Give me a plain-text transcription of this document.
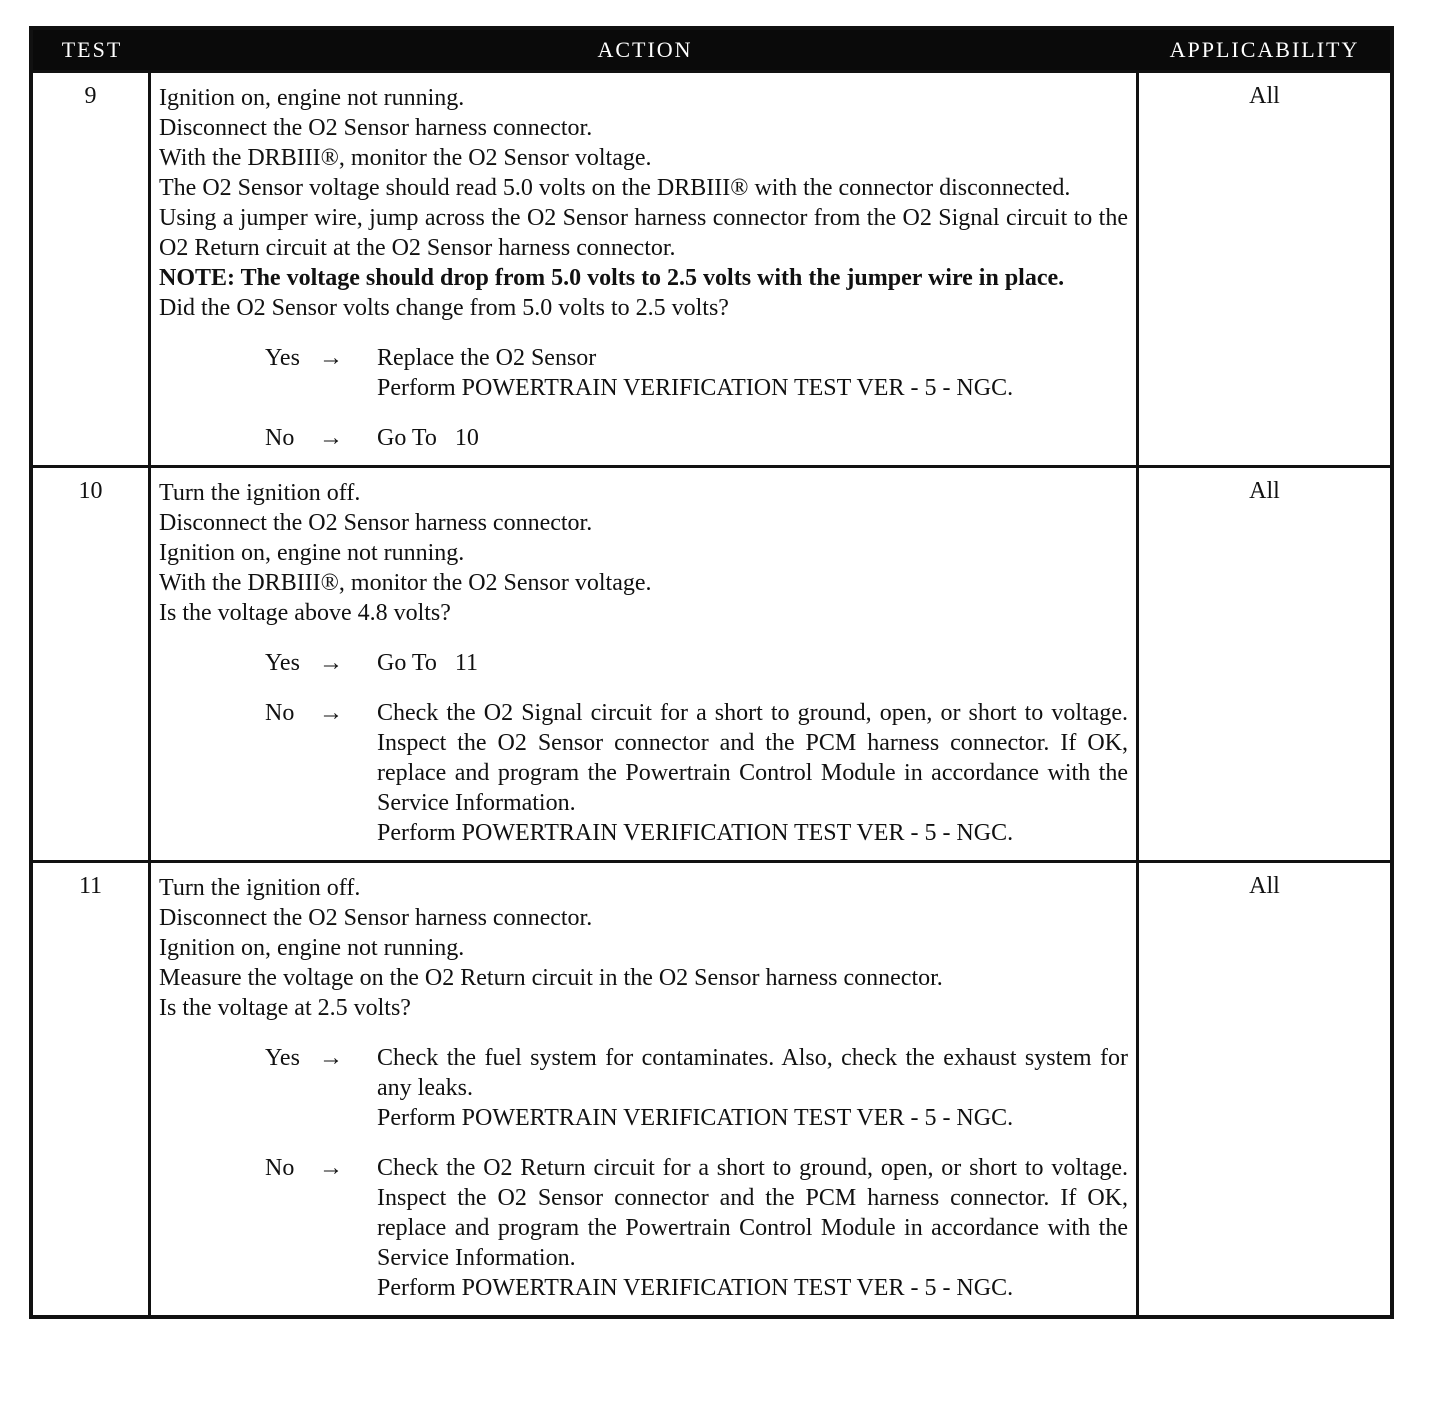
TEST	ACTION	APPLICABILITY
9	Ignition on, engine not running.
Disconnect the O2 Sensor harness connector.
With the DRBIII®, monitor the O2 Sensor voltage.
The O2 Sensor voltage should read 5.0 volts on the DRBIII® with the connector disconnected.
Using a jumper wire, jump across the O2 Sensor harness connector from the O2 Signal circuit to the O2 Return circuit at the O2 Sensor harness connector.
NOTE: The voltage should drop from 5.0 volts to 2.5 volts with the jumper wire in place.
Did the O2 Sensor volts change from 5.0 volts to 2.5 volts?
Yes →	Replace the O2 Sensor
Perform POWERTRAIN VERIFICATION TEST VER - 5 - NGC.
No	→	Go To   10
All
10	Turn the ignition off.
Disconnect the O2 Sensor harness connector.
Ignition on, engine not running.
With the DRBIII®, monitor the O2 Sensor voltage.
Is the voltage above 4.8 volts?
Yes →	Go To   11
No	→	Check the O2 Signal circuit for a short to ground, open, or short to voltage. Inspect the O2 Sensor connector and the PCM harness connector. If OK, replace and program the Powertrain Control Module in accordance with the Service Information.
Perform POWERTRAIN VERIFICATION TEST VER - 5 - NGC.
All
11	Turn the ignition off.
Disconnect the O2 Sensor harness connector.
Ignition on, engine not running.
Measure the voltage on the O2 Return circuit in the O2 Sensor harness connector.
Is the voltage at 2.5 volts?
Yes →	Check the fuel system for contaminates. Also, check the exhaust system for any leaks.
Perform POWERTRAIN VERIFICATION TEST VER - 5 - NGC.
No	→	Check the O2 Return circuit for a short to ground, open, or short to voltage. Inspect the O2 Sensor connector and the PCM harness connector. If OK, replace and program the Powertrain Control Module in accordance with the Service Information.
Perform POWERTRAIN VERIFICATION TEST VER - 5 - NGC.
All
